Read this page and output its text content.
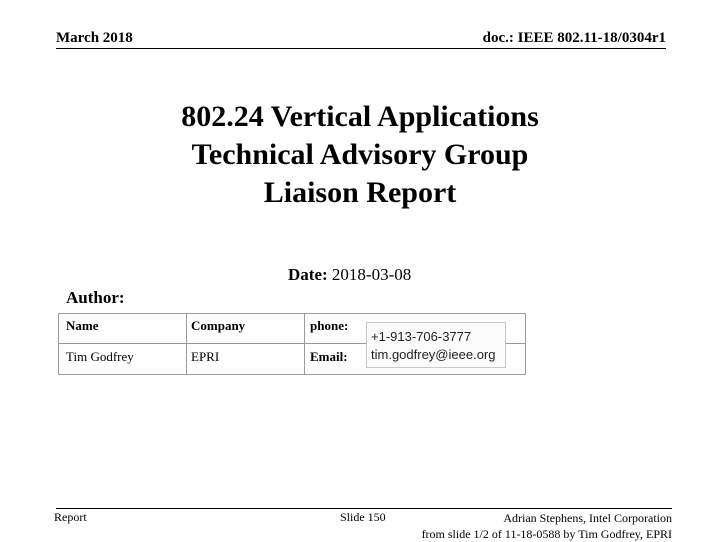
March 2018	doc.: IEEE 802.11-18/0304r1
802.24 Vertical Applications
Technical Advisory Group
Liaison Report
Date: 2018-03-08
Author:
Name	Company	phone:
Tim Godfrey	EPRI	Email:
+1-913-706-3777
tim.godfrey@ieee.org
Report	Slide 150	Adrian Stephens, Intel Corporation
from slide 1/2 of 11-18-0588 by Tim Godfrey, EPRI
